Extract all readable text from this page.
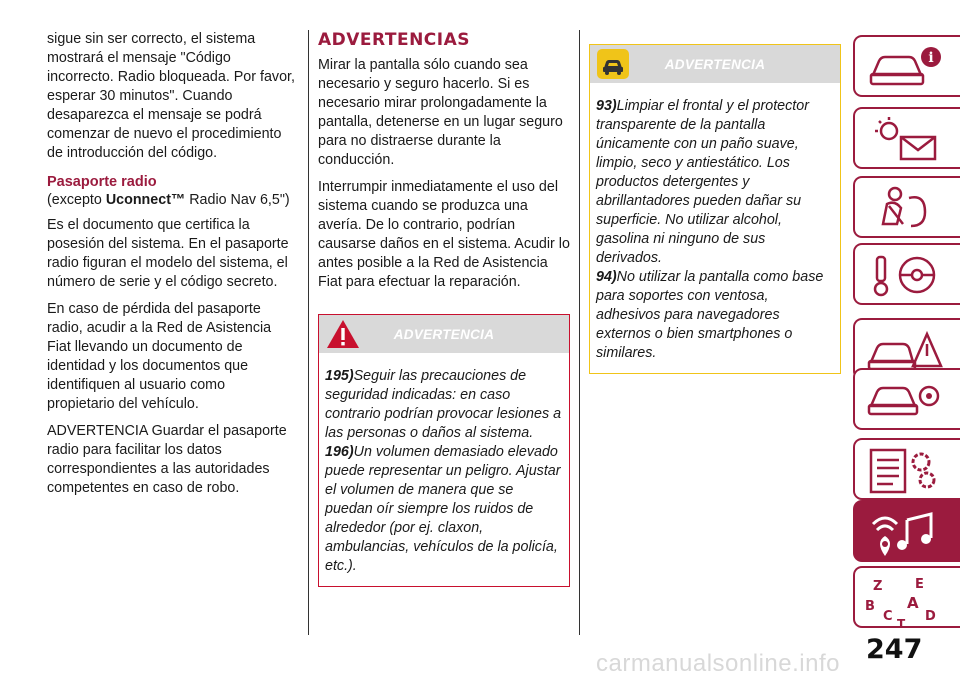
sigue sin ser correcto, el sistema mostrará el mensaje "Código incorrecto. Radio bloqueada. Por favor, esperar 30 minutos". Cuando desaparezca el mensaje se podrá comenzar de nuevo el procedimiento de introducción del código.

Pasaporte radio
(excepto Uconnect™ Radio Nav 6,5")

Es el documento que certifica la posesión del sistema. En el pasaporte radio figuran el modelo del sistema, el número de serie y el código secreto.

En caso de pérdida del pasaporte radio, acudir a la Red de Asistencia Fiat llevando un documento de identidad y los documentos que identifiquen al usuario como propietario del vehículo.

ADVERTENCIA Guardar el pasaporte radio para facilitar los datos correspondientes a las autoridades competentes en caso de robo.

ADVERTENCIAS

Mirar la pantalla sólo cuando sea necesario y seguro hacerlo. Si es necesario mirar prolongadamente la pantalla, detenerse en un lugar seguro para no distraerse durante la conducción.

Interrumpir inmediatamente el uso del sistema cuando se produzca una avería. De lo contrario, podrían causarse daños en el sistema. Acudir lo antes posible a la Red de Asistencia Fiat para efectuar la reparación.

ADVERTENCIA

195)Seguir las precauciones de seguridad indicadas: en caso contrario podrían provocar lesiones a las personas o daños al sistema.

196)Un volumen demasiado elevado puede representar un peligro. Ajustar el volumen de manera que se puedan oír siempre los ruidos de alrededor (por ej. claxon, ambulancias, vehículos de la policía, etc.).

ADVERTENCIA

93)Limpiar el frontal y el protector transparente de la pantalla únicamente con un paño suave, limpio, seco y antiestático. Los productos detergentes y abrillantadores pueden dañar su superficie. No utilizar alcohol, gasolina ni ninguno de sus derivados.

94)No utilizar la pantalla como base para soportes con ventosa, adhesivos para navegadores externos o bien smartphones o similares.

i
Z	E
B A
C D
T
247
carmanualsonline.info
